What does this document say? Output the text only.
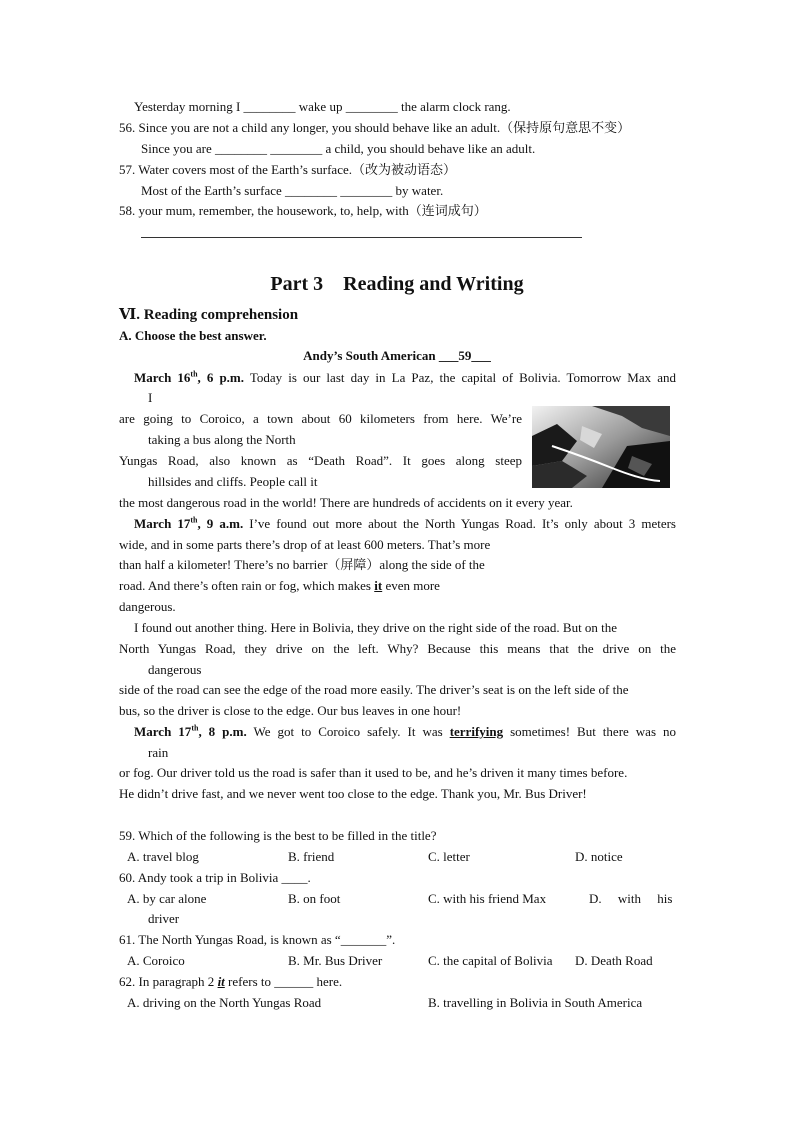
Yesterday morning I ________ wake up ________ the alarm clock rang.
56. Since you are not a child any longer, you should behave like an adult.（保持原句意思不变）
Since you are ________ ________ a child, you should behave like an adult.
57. Water covers most of the Earth’s surface.（改为被动语态）
Most of the Earth’s surface ________ ________ by water.
58. your mum, remember, the housework, to, help, with（连词成句）
Part 3    Reading and Writing
Ⅵ. Reading comprehension
A. Choose the best answer.
Andy’s South American ___59___
March 16th, 6 p.m. Today is our last day in La Paz, the capital of Bolivia. Tomorrow Max and
I
are going to Coroico, a town about 60 kilometers from here. We’re
taking a bus along the North
Yungas Road, also known as “Death Road”. It goes along steep
hillsides and cliffs. People call it
the most dangerous road in the world! There are hundreds of accidents on it every year.
March 17th, 9 a.m. I’ve found out more about the North Yungas Road. It’s only about 3 meters
wide, and in some parts there’s drop of at least 600 meters. That’s more
than half a kilometer! There’s no barrier（屏障）along the side of the
road. And there’s often rain or fog, which makes it even more
dangerous.
I found out another thing. Here in Bolivia, they drive on the right side of the road. But on the
North Yungas Road, they drive on the left. Why? Because this means that the drive on the
dangerous
side of the road can see the edge of the road more easily. The driver’s seat is on the left side of the
bus, so the driver is close to the edge. Our bus leaves in one hour!
March 17th, 8 p.m. We got to Coroico safely. It was terrifying sometimes! But there was no
rain
or fog. Our driver told us the road is safer than it used to be, and he’s driven it many times before.
He didn’t drive fast, and we never went too close to the edge. Thank you, Mr. Bus Driver!
59. Which of the following is the best to be filled in the title?
A. travel blog	B. friend	C. letter	D. notice
60. Andy took a trip in Bolivia ____.
A. by car alone	B. on foot	C. with his friend Max	D.     with     his
driver
61. The North Yungas Road, is known as “_______”.
A. Coroico	B. Mr. Bus Driver	C. the capital of Bolivia D. Death Road
62. In paragraph 2 it refers to ______ here.
A. driving on the North Yungas Road	B. travelling in Bolivia in South America
